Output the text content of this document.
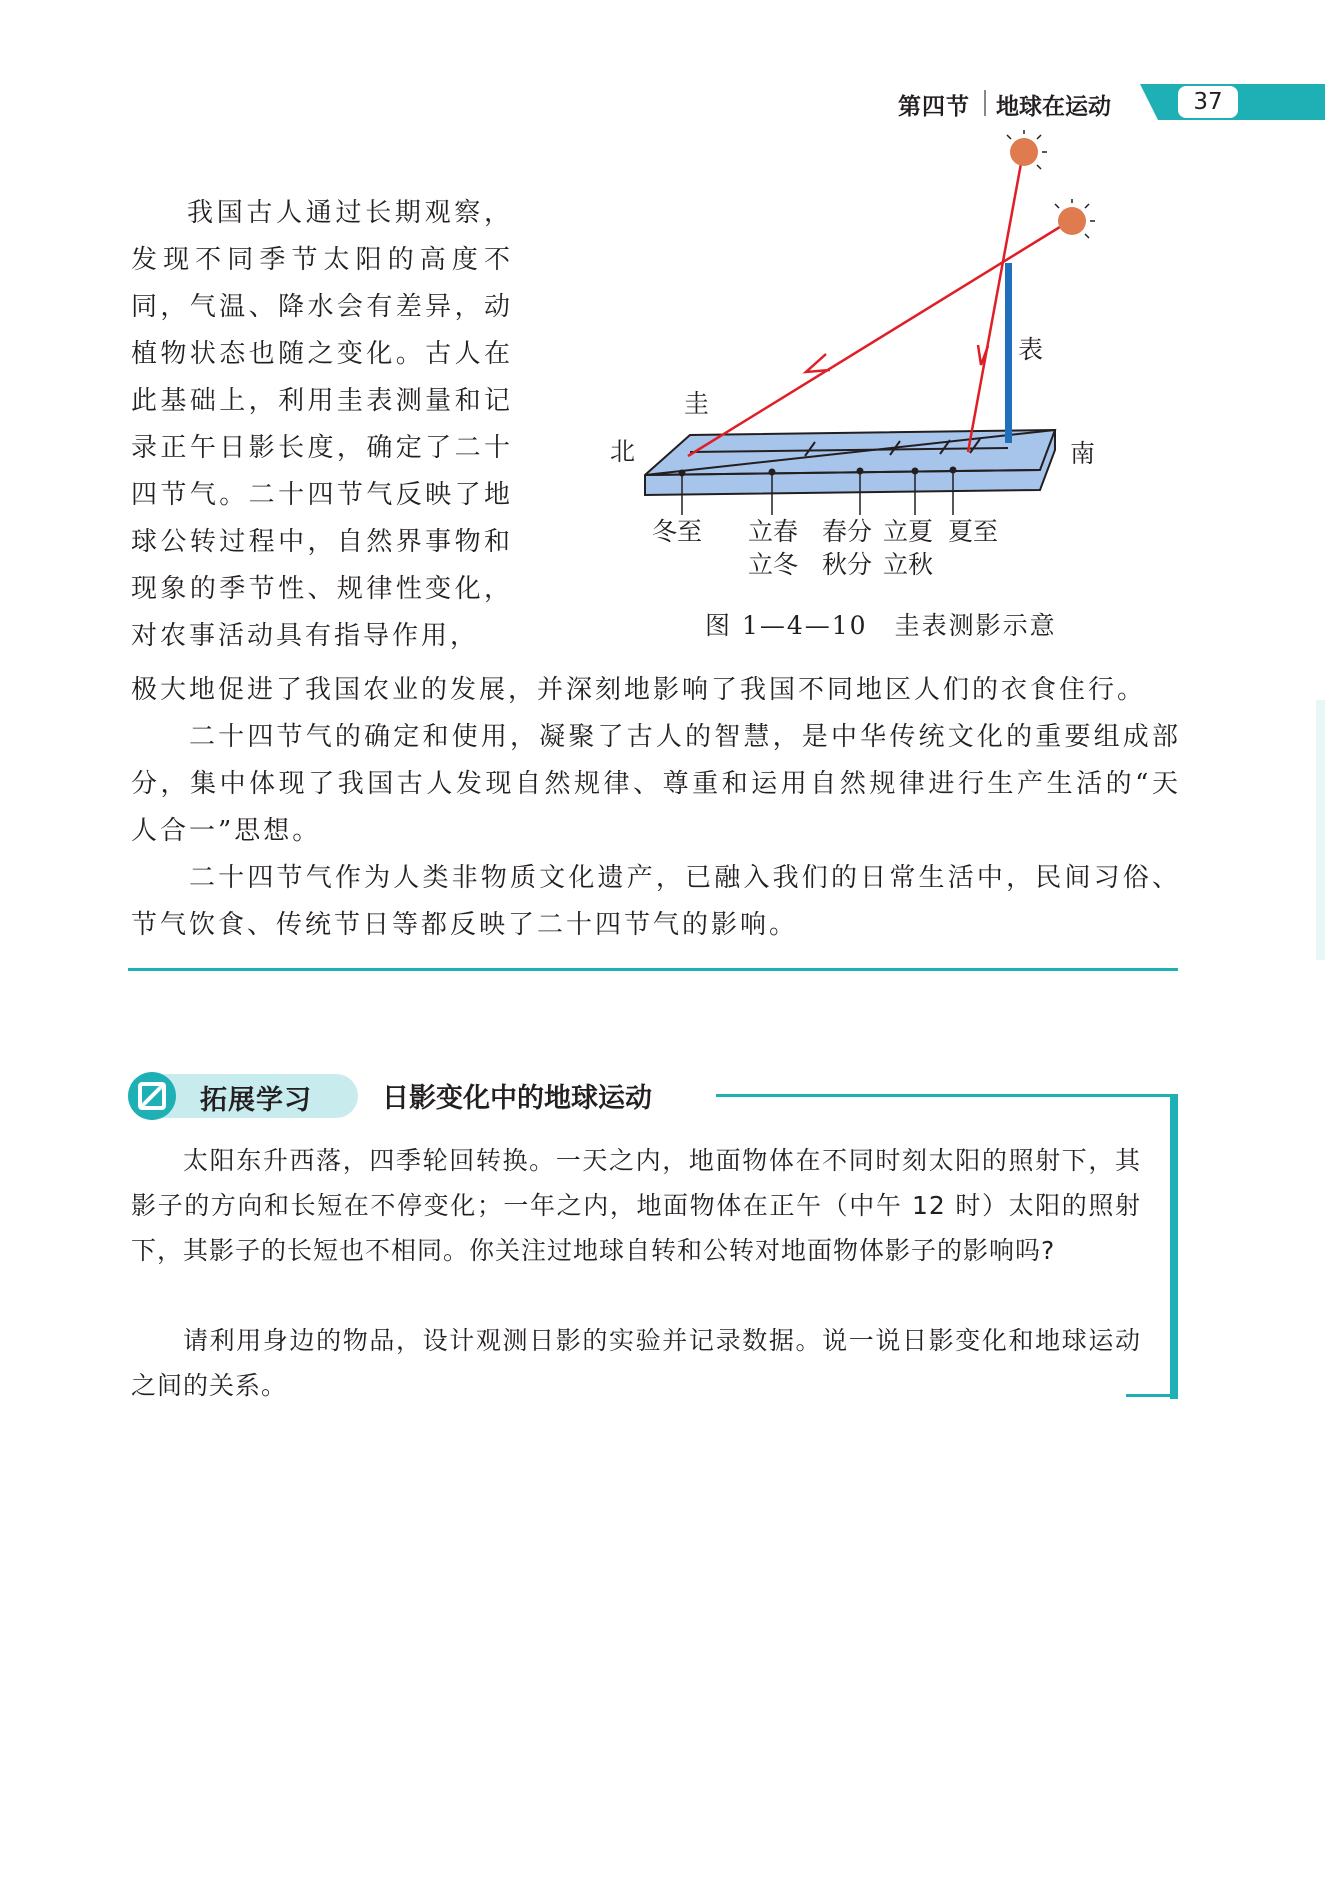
第四节 地球在运动	37
我国古人通过长期观察，发现不同季节太阳的高度不同，气温、降水会有差异，动植物状态也随之变化。古人在此基础上，利用圭表测量和记录正午日影长度，确定了二十四节气。二十四节气反映了地球公转过程中，自然界事物和现象的季节性、规律性变化，对农事活动具有指导作用，
圭
表
北	南
冬至 立春 春分 立夏 夏至
立冬 秋分 立秋
图 1—4—10　圭表测影示意
极大地促进了我国农业的发展，并深刻地影响了我国不同地区人们的衣食住行。
二十四节气的确定和使用，凝聚了古人的智慧，是中华传统文化的重要组成部分，集中体现了我国古人发现自然规律、尊重和运用自然规律进行生产生活的“天人合一”思想。
二十四节气作为人类非物质文化遗产，已融入我们的日常生活中，民间习俗、节气饮食、传统节日等都反映了二十四节气的影响。
拓展学习	日影变化中的地球运动
太阳东升西落，四季轮回转换。一天之内，地面物体在不同时刻太阳的照射下，其影子的方向和长短在不停变化；一年之内，地面物体在正午（中午 12 时）太阳的照射下，其影子的长短也不相同。你关注过地球自转和公转对地面物体影子的影响吗?
请利用身边的物品，设计观测日影的实验并记录数据。说一说日影变化和地球运动之间的关系。
